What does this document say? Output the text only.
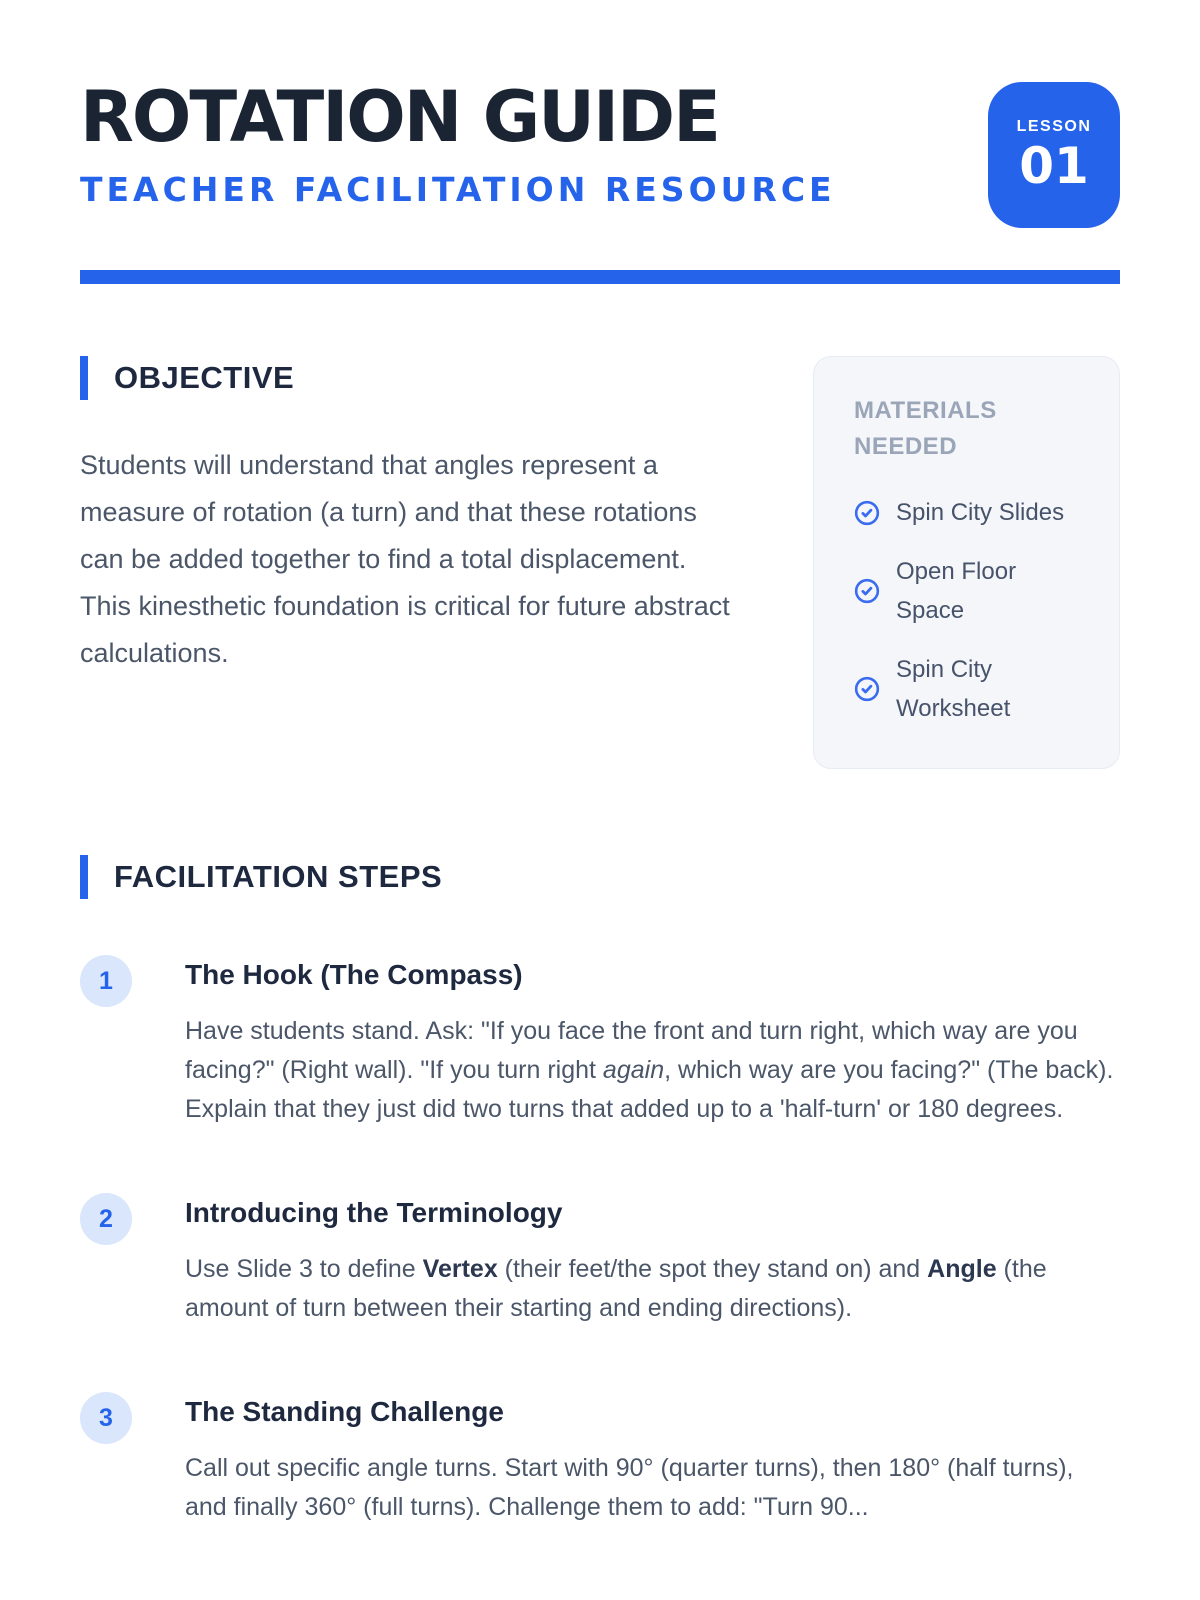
ROTATION GUIDE
TEACHER FACILITATION RESOURCE
LESSON
01
OBJECTIVE

Students will understand that angles represent a measure of rotation (a turn) and that these rotations can be added together to find a total displacement. This kinesthetic foundation is critical for future abstract calculations.

MATERIALS NEEDED
Spin City Slides
Open Floor Space
Spin City Worksheet
FACILITATION STEPS
1	The Hook (The Compass)

Have students stand. Ask: "If you face the front and turn right, which way are you facing?" (Right wall). "If you turn right again, which way are you facing?" (The back). Explain that they just did two turns that added up to a 'half-turn' or 180 degrees.

2	Introducing the Terminology

Use Slide 3 to define Vertex (their feet/the spot they stand on) and Angle (the amount of turn between their starting and ending directions).

3	The Standing Challenge

Call out specific angle turns. Start with 90° (quarter turns), then 180° (half turns), and finally 360° (full turns). Challenge them to add: "Turn 90...
